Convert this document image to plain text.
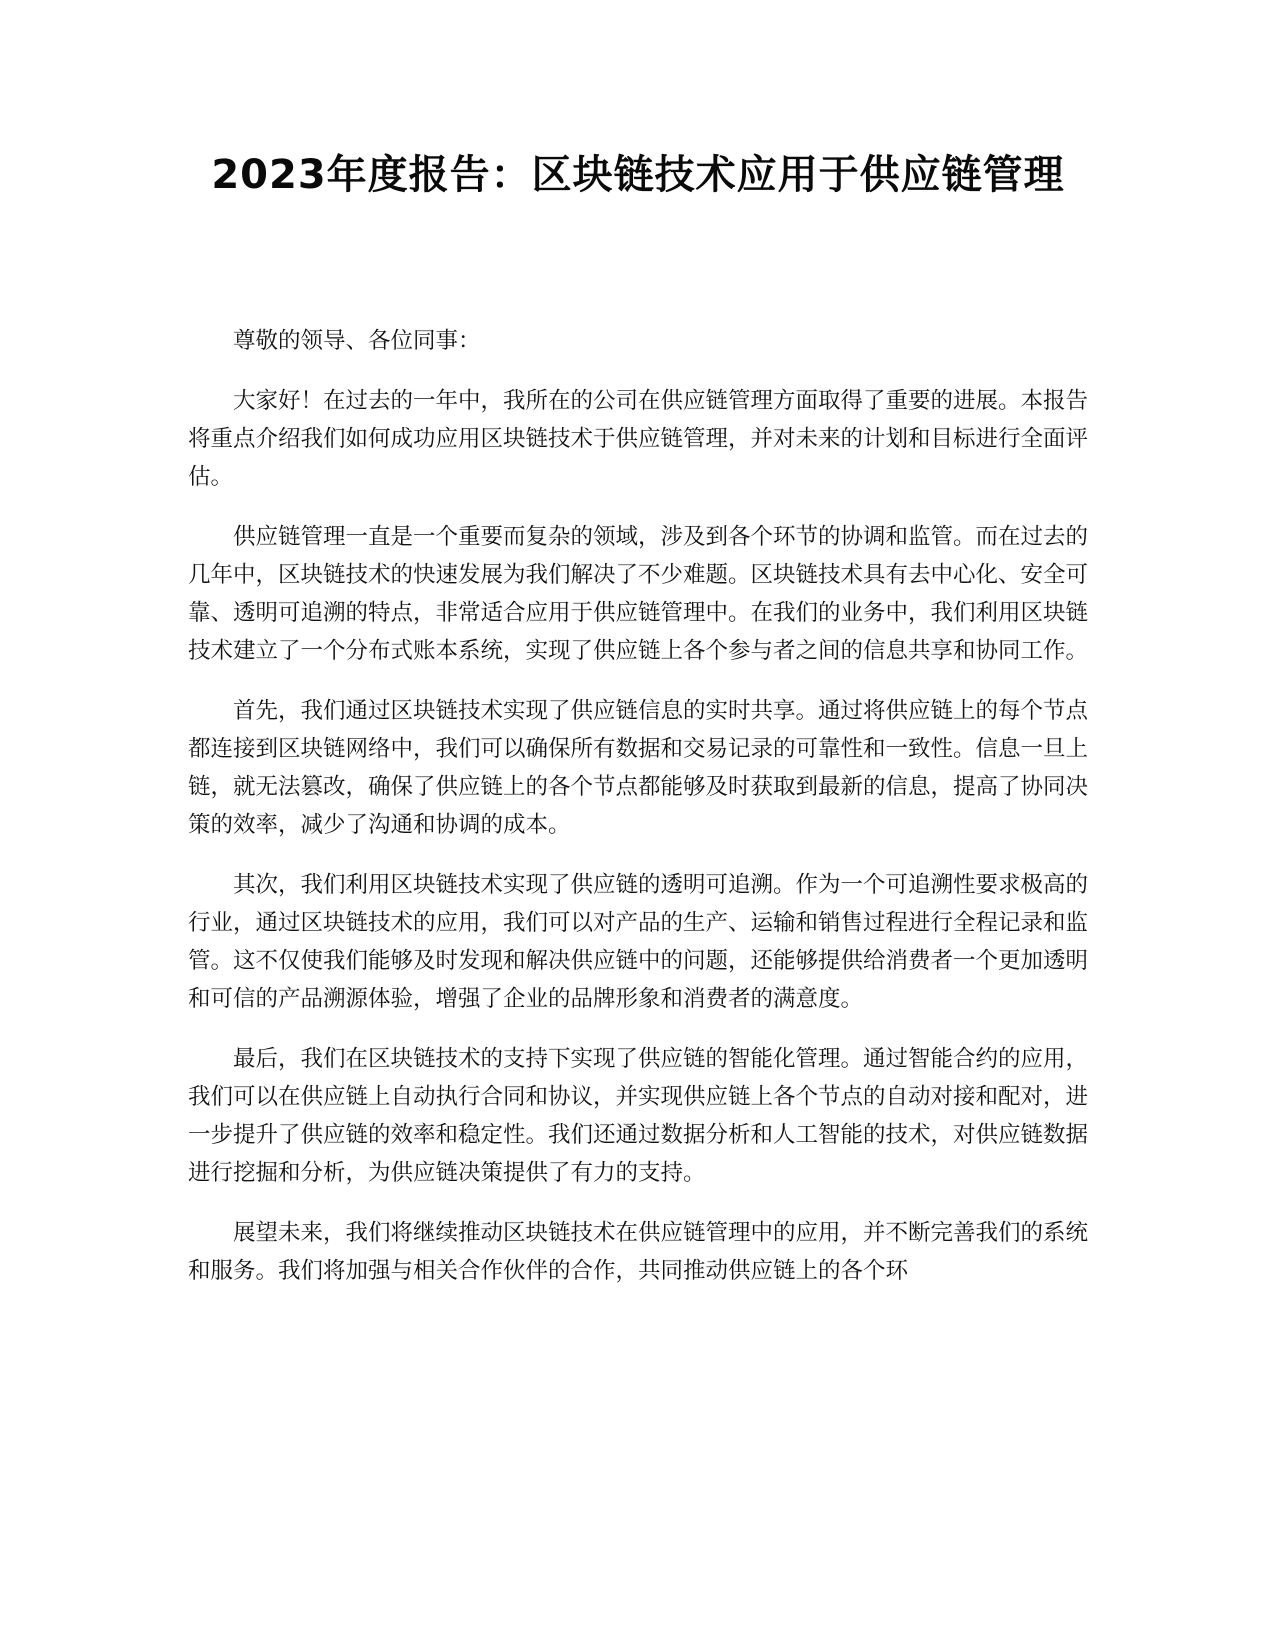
2023年度报告：区块链技术应用于供应链管理

尊敬的领导、各位同事：

大家好！在过去的一年中，我所在的公司在供应链管理方面取得了重要的进展。本报告将重点介绍我们如何成功应用区块链技术于供应链管理，并对未来的计划和目标进行全面评估。

供应链管理一直是一个重要而复杂的领域，涉及到各个环节的协调和监管。而在过去的几年中，区块链技术的快速发展为我们解决了不少难题。区块链技术具有去中心化、安全可靠、透明可追溯的特点，非常适合应用于供应链管理中。在我们的业务中，我们利用区块链技术建立了一个分布式账本系统，实现了供应链上各个参与者之间的信息共享和协同工作。

首先，我们通过区块链技术实现了供应链信息的实时共享。通过将供应链上的每个节点都连接到区块链网络中，我们可以确保所有数据和交易记录的可靠性和一致性。信息一旦上链，就无法篡改，确保了供应链上的各个节点都能够及时获取到最新的信息，提高了协同决策的效率，减少了沟通和协调的成本。

其次，我们利用区块链技术实现了供应链的透明可追溯。作为一个可追溯性要求极高的行业，通过区块链技术的应用，我们可以对产品的生产、运输和销售过程进行全程记录和监管。这不仅使我们能够及时发现和解决供应链中的问题，还能够提供给消费者一个更加透明和可信的产品溯源体验，增强了企业的品牌形象和消费者的满意度。

最后，我们在区块链技术的支持下实现了供应链的智能化管理。通过智能合约的应用，我们可以在供应链上自动执行合同和协议，并实现供应链上各个节点的自动对接和配对，进一步提升了供应链的效率和稳定性。我们还通过数据分析和人工智能的技术，对供应链数据进行挖掘和分析，为供应链决策提供了有力的支持。

展望未来，我们将继续推动区块链技术在供应链管理中的应用，并不断完善我们的系统和服务。我们将加强与相关合作伙伴的合作，共同推动供应链上的各个环
